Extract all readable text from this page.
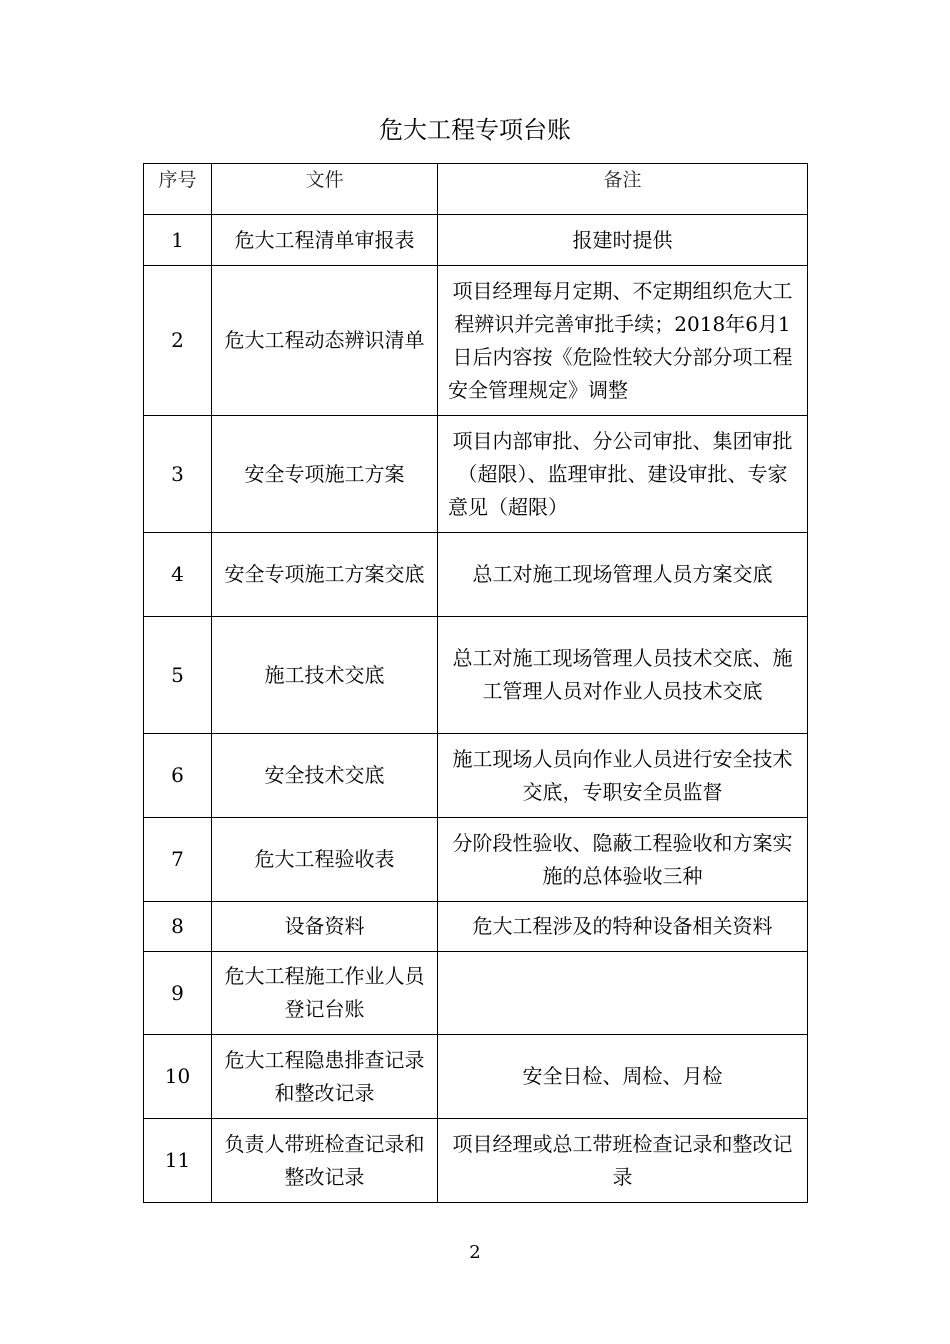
危大工程专项台账
序号	文件	备注
1	危大工程清单审报表	报建时提供
2	危大工程动态辨识清单	项目经理每月定期、不定期组织危大工程辨识并完善审批手续；2018年6月1日后内容按《危险性较大分部分项工程安全管理规定》调整
3	安全专项施工方案	项目内部审批、分公司审批、集团审批（超限）、监理审批、建设审批、专家意见（超限）
4	安全专项施工方案交底	总工对施工现场管理人员方案交底
5	施工技术交底	总工对施工现场管理人员技术交底、施工管理人员对作业人员技术交底
6	安全技术交底	施工现场人员向作业人员进行安全技术交底，专职安全员监督
7	危大工程验收表	分阶段性验收、隐蔽工程验收和方案实施的总体验收三种
8	设备资料	危大工程涉及的特种设备相关资料
9	危大工程施工作业人员登记台账	
10	危大工程隐患排查记录和整改记录	安全日检、周检、月检
11	负责人带班检查记录和整改记录	项目经理或总工带班检查记录和整改记录
2
